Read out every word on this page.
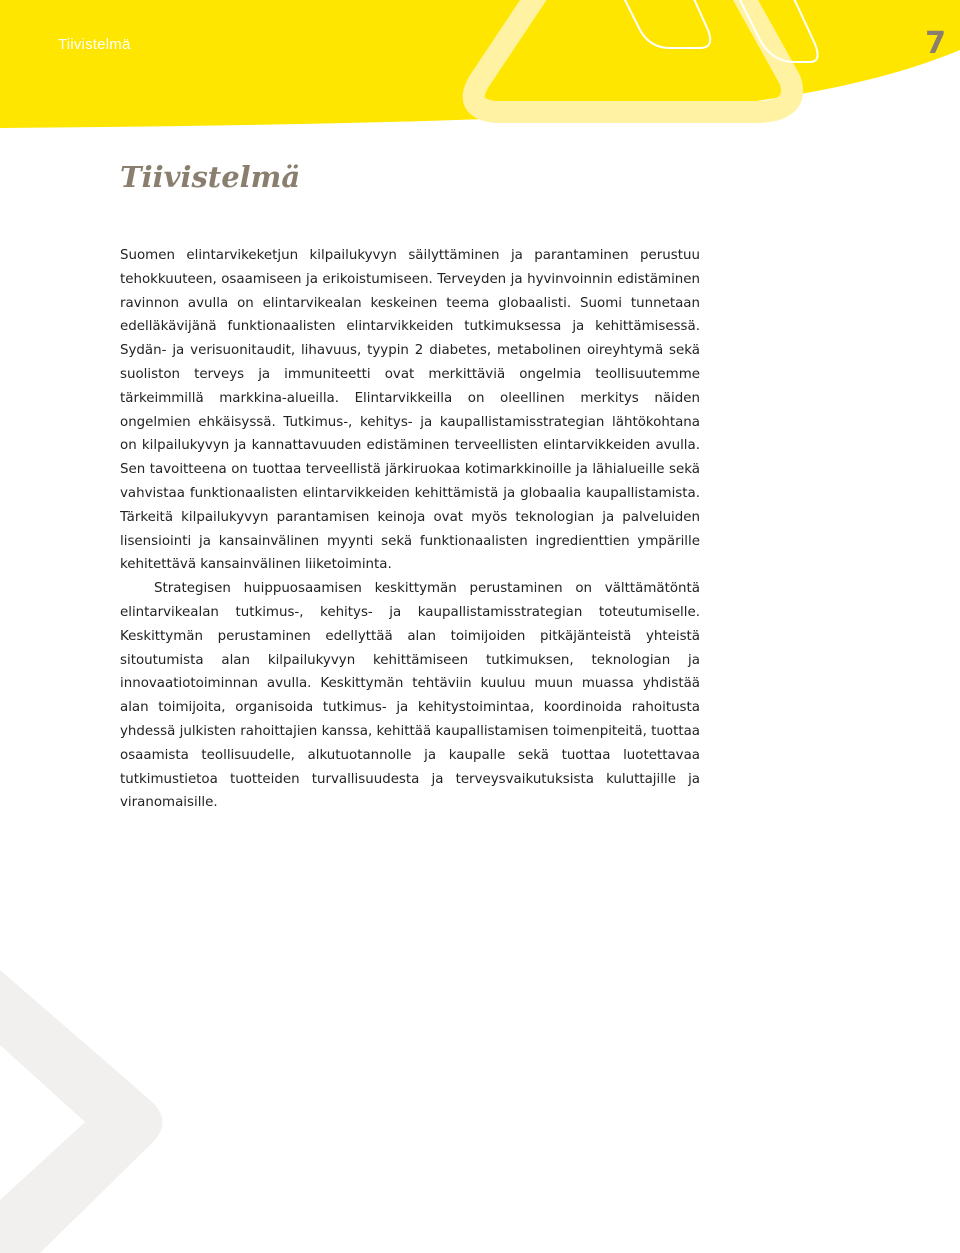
Tiivistelmä	7
Tiivistelmä

Suomen elintarvikeketjun kilpailukyvyn säilyttäminen ja parantaminen perustuu tehokkuuteen, osaamiseen ja erikoistumiseen. Terveyden ja hyvinvoinnin edistäminen ravinnon avulla on elintarvikealan keskeinen teema globaalisti. Suomi tunnetaan edelläkävijänä funktionaalisten elintarvikkeiden tutkimuksessa ja kehittämisessä. Sydän- ja verisuonitaudit, lihavuus, tyypin 2 diabetes, metabolinen oireyhtymä sekä suoliston terveys ja immuniteetti ovat merkittäviä ongelmia teollisuutemme tärkeimmillä markkina-alueilla. Elintarvikkeilla on oleellinen merkitys näiden ongelmien ehkäisyssä. Tutkimus-, kehitys- ja kaupallistamisstrategian lähtökohtana on kilpailukyvyn ja kannattavuuden edistäminen terveellisten elintarvikkeiden avulla. Sen tavoitteena on tuottaa terveellistä järkiruokaa kotimarkkinoille ja lähialueille sekä vahvistaa funktionaalisten elintarvikkeiden kehittämistä ja globaalia kaupallistamista. Tärkeitä kilpailukyvyn parantamisen keinoja ovat myös teknologian ja palveluiden lisensiointi ja kansainvälinen myynti sekä funktionaalisten ingredienttien ympärille kehitettävä kansainvälinen liiketoiminta.

Strategisen huippuosaamisen keskittymän perustaminen on välttämätöntä elintarvikealan tutkimus-, kehitys- ja kaupallistamisstrategian toteutumiselle. Keskittymän perustaminen edellyttää alan toimijoiden pitkäjänteistä yhteistä sitoutumista alan kilpailukyvyn kehittämiseen tutkimuksen, teknologian ja innovaatiotoiminnan avulla. Keskittymän tehtäviin kuuluu muun muassa yhdistää alan toimijoita, organisoida tutkimus- ja kehitystoimintaa, koordinoida rahoitusta yhdessä julkisten rahoittajien kanssa, kehittää kaupallistamisen toimenpiteitä, tuottaa osaamista teollisuudelle, alkutuotannolle ja kaupalle sekä tuottaa luotettavaa tutkimustietoa tuotteiden turvallisuudesta ja terveysvaikutuksista kuluttajille ja viranomaisille.
